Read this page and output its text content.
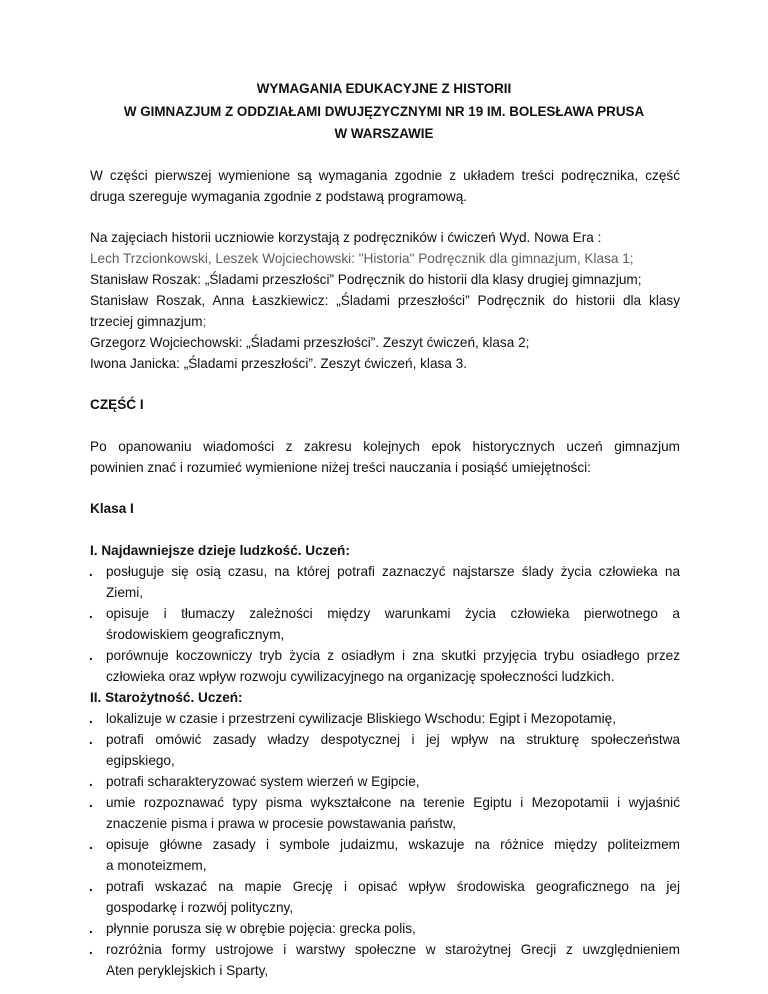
WYMAGANIA EDUKACYJNE Z HISTORII
W GIMNAZJUM Z ODDZIAŁAMI DWUJĘZYCZNYMI NR 19 IM. BOLESŁAWA PRUSA
W WARSZAWIE
W części pierwszej wymienione są wymagania zgodnie z układem treści podręcznika, część
druga szereguje wymagania zgodnie z podstawą programową.
Na zajęciach historii uczniowie korzystają z podręczników i ćwiczeń Wyd. Nowa Era :
Lech Trzcionkowski, Leszek Wojciechowski: "Historia" Podręcznik dla gimnazjum, Klasa 1;
Stanisław Roszak: „Śladami przeszłości” Podręcznik do historii dla klasy drugiej gimnazjum;
Stanisław Roszak, Anna Łaszkiewicz: „Śladami przeszłości” Podręcznik do historii dla klasy
trzeciej gimnazjum;
Grzegorz Wojciechowski: „Śladami przeszłości”. Zeszyt ćwiczeń, klasa 2;
Iwona Janicka: „Śladami przeszłości”. Zeszyt ćwiczeń, klasa 3.
CZĘŚĆ I
Po opanowaniu wiadomości z zakresu kolejnych epok historycznych uczeń gimnazjum
powinien znać i rozumieć wymienione niżej treści nauczania i posiąść umiejętności:
Klasa I
I. Najdawniejsze dzieje ludzkość. Uczeń:
. posługuje się osią czasu, na której potrafi zaznaczyć najstarsze ślady życia człowieka na
Ziemi,
. opisuje i tłumaczy zależności między warunkami życia człowieka pierwotnego a
środowiskiem geograficznym,
. porównuje koczowniczy tryb życia z osiadłym i zna skutki przyjęcia trybu osiadłego przez
człowieka oraz wpływ rozwoju cywilizacyjnego na organizację społeczności ludzkich.
II. Starożytność. Uczeń:
. lokalizuje w czasie i przestrzeni cywilizacje Bliskiego Wschodu: Egipt i Mezopotamię,
. potrafi omówić zasady władzy despotycznej i jej wpływ na strukturę społeczeństwa
egipskiego,
. potrafi scharakteryzować system wierzeń w Egipcie,
. umie rozpoznawać typy pisma wykształcone na terenie Egiptu i Mezopotamii i wyjaśnić
znaczenie pisma i prawa w procesie powstawania państw,
. opisuje główne zasady i symbole judaizmu, wskazuje na różnice między politeizmem
a monoteizmem,
. potrafi wskazać na mapie Grecję i opisać wpływ środowiska geograficznego na jej
gospodarkę i rozwój polityczny,
. płynnie porusza się w obrębie pojęcia: grecka polis,
. rozróżnia formy ustrojowe i warstwy społeczne w starożytnej Grecji z uwzględnieniem
Aten peryklejskich i Sparty,
